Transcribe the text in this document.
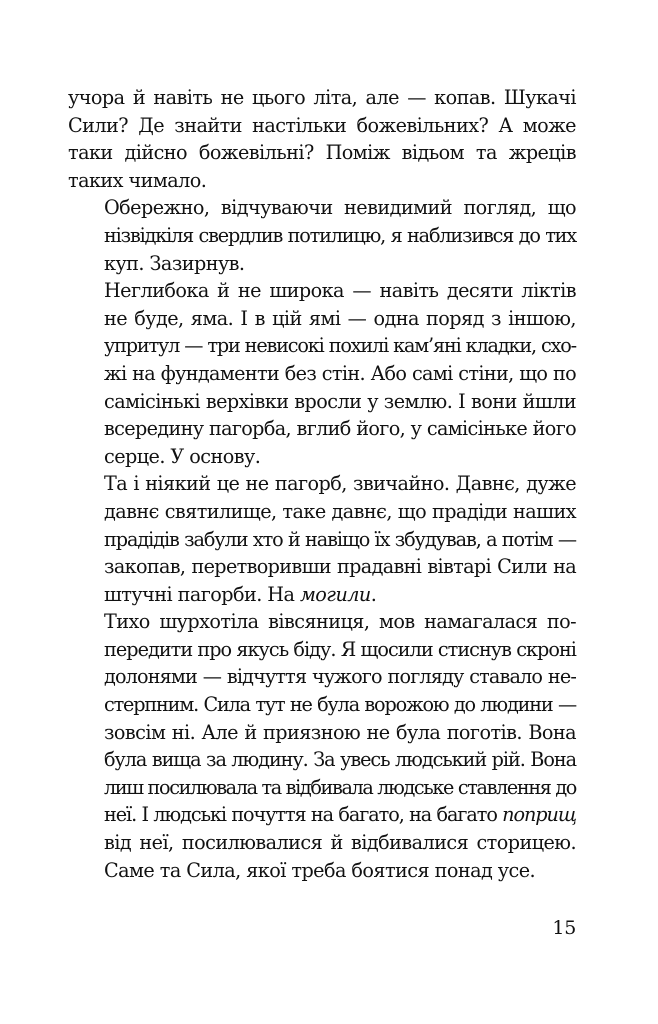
учора й навіть не цього літа, але — копав. Шукачі
Сили? Де знайти настільки божевільних? А може
таки дійсно божевільні? Поміж відьом та жреців
таких чимало.

Обережно, відчуваючи невидимий погляд, що
нізвідкіля свердлив потилицю, я наблизився до тих
куп. Зазирнув.

Неглибока й не широка — навіть десяти ліктів
не буде, яма. І в цій ямі — одна поряд з іншою,
упритул — три невисокі похилі кам’яні кладки, схо-
жі на фундаменти без стін. Або самі стіни, що по
самісінькі верхівки вросли у землю. І вони йшли
всередину пагорба, вглиб його, у самісіньке його
серце. У основу.

Та і ніякий це не пагорб, звичайно. Давнє, дуже
давнє святилище, таке давнє, що прадіди наших
прадідів забули хто й навіщо їх збудував, а потім —
закопав, перетворивши прадавні вівтарі Сили на
штучні пагорби. На могили.

Тихо шурхотіла вівсяниця, мов намагалася по-
передити про якусь біду. Я щосили стиснув скроні
долонями — відчуття чужого погляду ставало не-
стерпним. Сила тут не була ворожою до людини —
зовсім ні. Але й приязною не була поготів. Вона
була вища за людину. За увесь людський рій. Вона
лиш посилювала та відбивала людське ставлення до
неї. І людські почуття на багато, на багато поприщ
від неї, посилювалися й відбивалися сторицею.
Саме та Сила, якої треба боятися понад усе.

15
